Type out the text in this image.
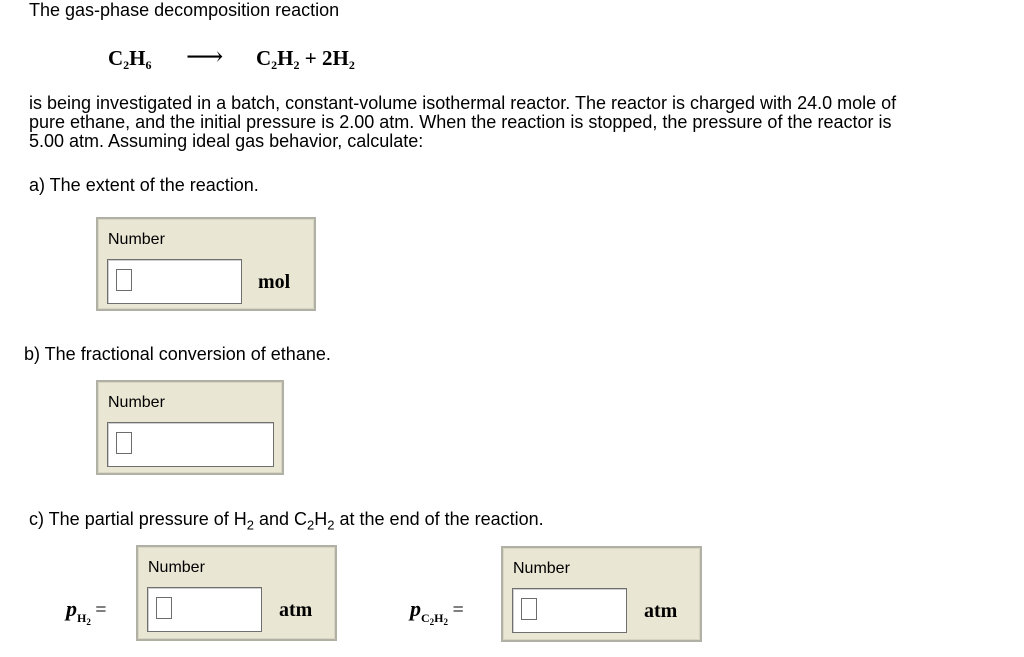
The gas-phase decomposition reaction
$C_2H_6$ ⟶ $C_2H_2 + 2H_2$
is being investigated in a batch, constant-volume isothermal reactor. The reactor is charged with 24.0 mole of
pure ethane, and the initial pressure is 2.00 atm. When the reaction is stopped, the pressure of the reactor is
5.00 atm. Assuming ideal gas behavior, calculate:
a) The extent of the reaction.
Number
mol
b) The fractional conversion of ethane.
Number
c) The partial pressure of $H_2$ and $C_2H_2$ at the end of the reaction.
$p_{H_2}$ =
Number
atm	$p_{C_2H_2}$ =
Number
atm
